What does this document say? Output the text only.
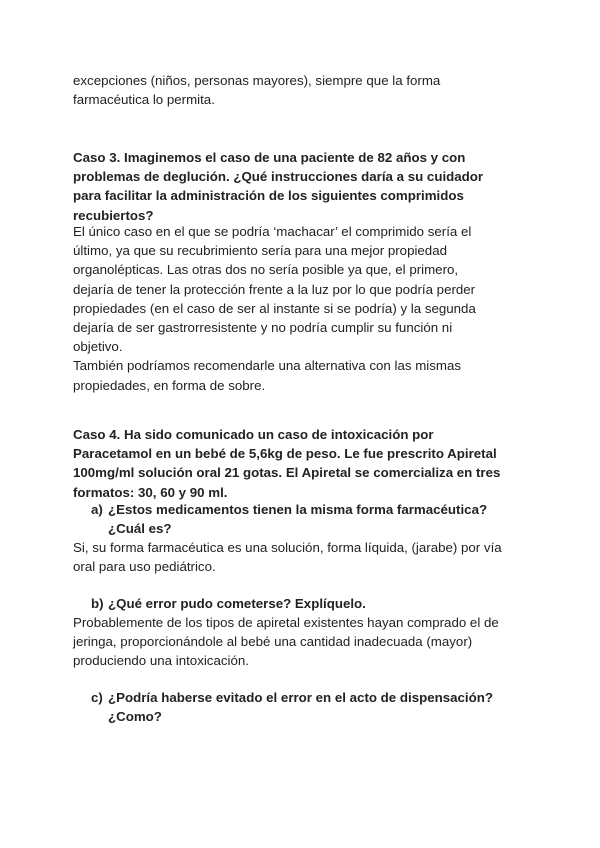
excepciones (niños, personas mayores), siempre que la forma

farmacéutica lo permita.

Caso 3. Imaginemos el caso de una paciente de 82 años y con

problemas de deglución. ¿Qué instrucciones daría a su cuidador

para facilitar la administración de los siguientes comprimidos

recubiertos?

El único caso en el que se podría ‘machacar’ el comprimido sería el

último, ya que su recubrimiento sería para una mejor propiedad

organolépticas. Las otras dos no sería posible ya que, el primero,

dejaría de tener la protección frente a la luz por lo que podría perder

propiedades (en el caso de ser al instante si se podría) y la segunda

dejaría de ser gastrorresistente y no podría cumplir su función ni

objetivo.

También podríamos recomendarle una alternativa con las mismas

propiedades, en forma de sobre.

Caso 4. Ha sido comunicado un caso de intoxicación por

Paracetamol en un bebé de 5,6kg de peso. Le fue prescrito Apiretal

100mg/ml solución oral 21 gotas. El Apiretal se comercializa en tres

formatos: 30, 60 y 90 ml.

a) ¿Estos medicamentos tienen la misma forma farmacéutica?

¿Cuál es?

Si, su forma farmacéutica es una solución, forma líquida, (jarabe) por vía

oral para uso pediátrico.

b) ¿Qué error pudo cometerse? Explíquelo.

Probablemente de los tipos de apiretal existentes hayan comprado el de

jeringa, proporcionándole al bebé una cantidad inadecuada (mayor)

produciendo una intoxicación.

c) ¿Podría haberse evitado el error en el acto de dispensación?

¿Como?
